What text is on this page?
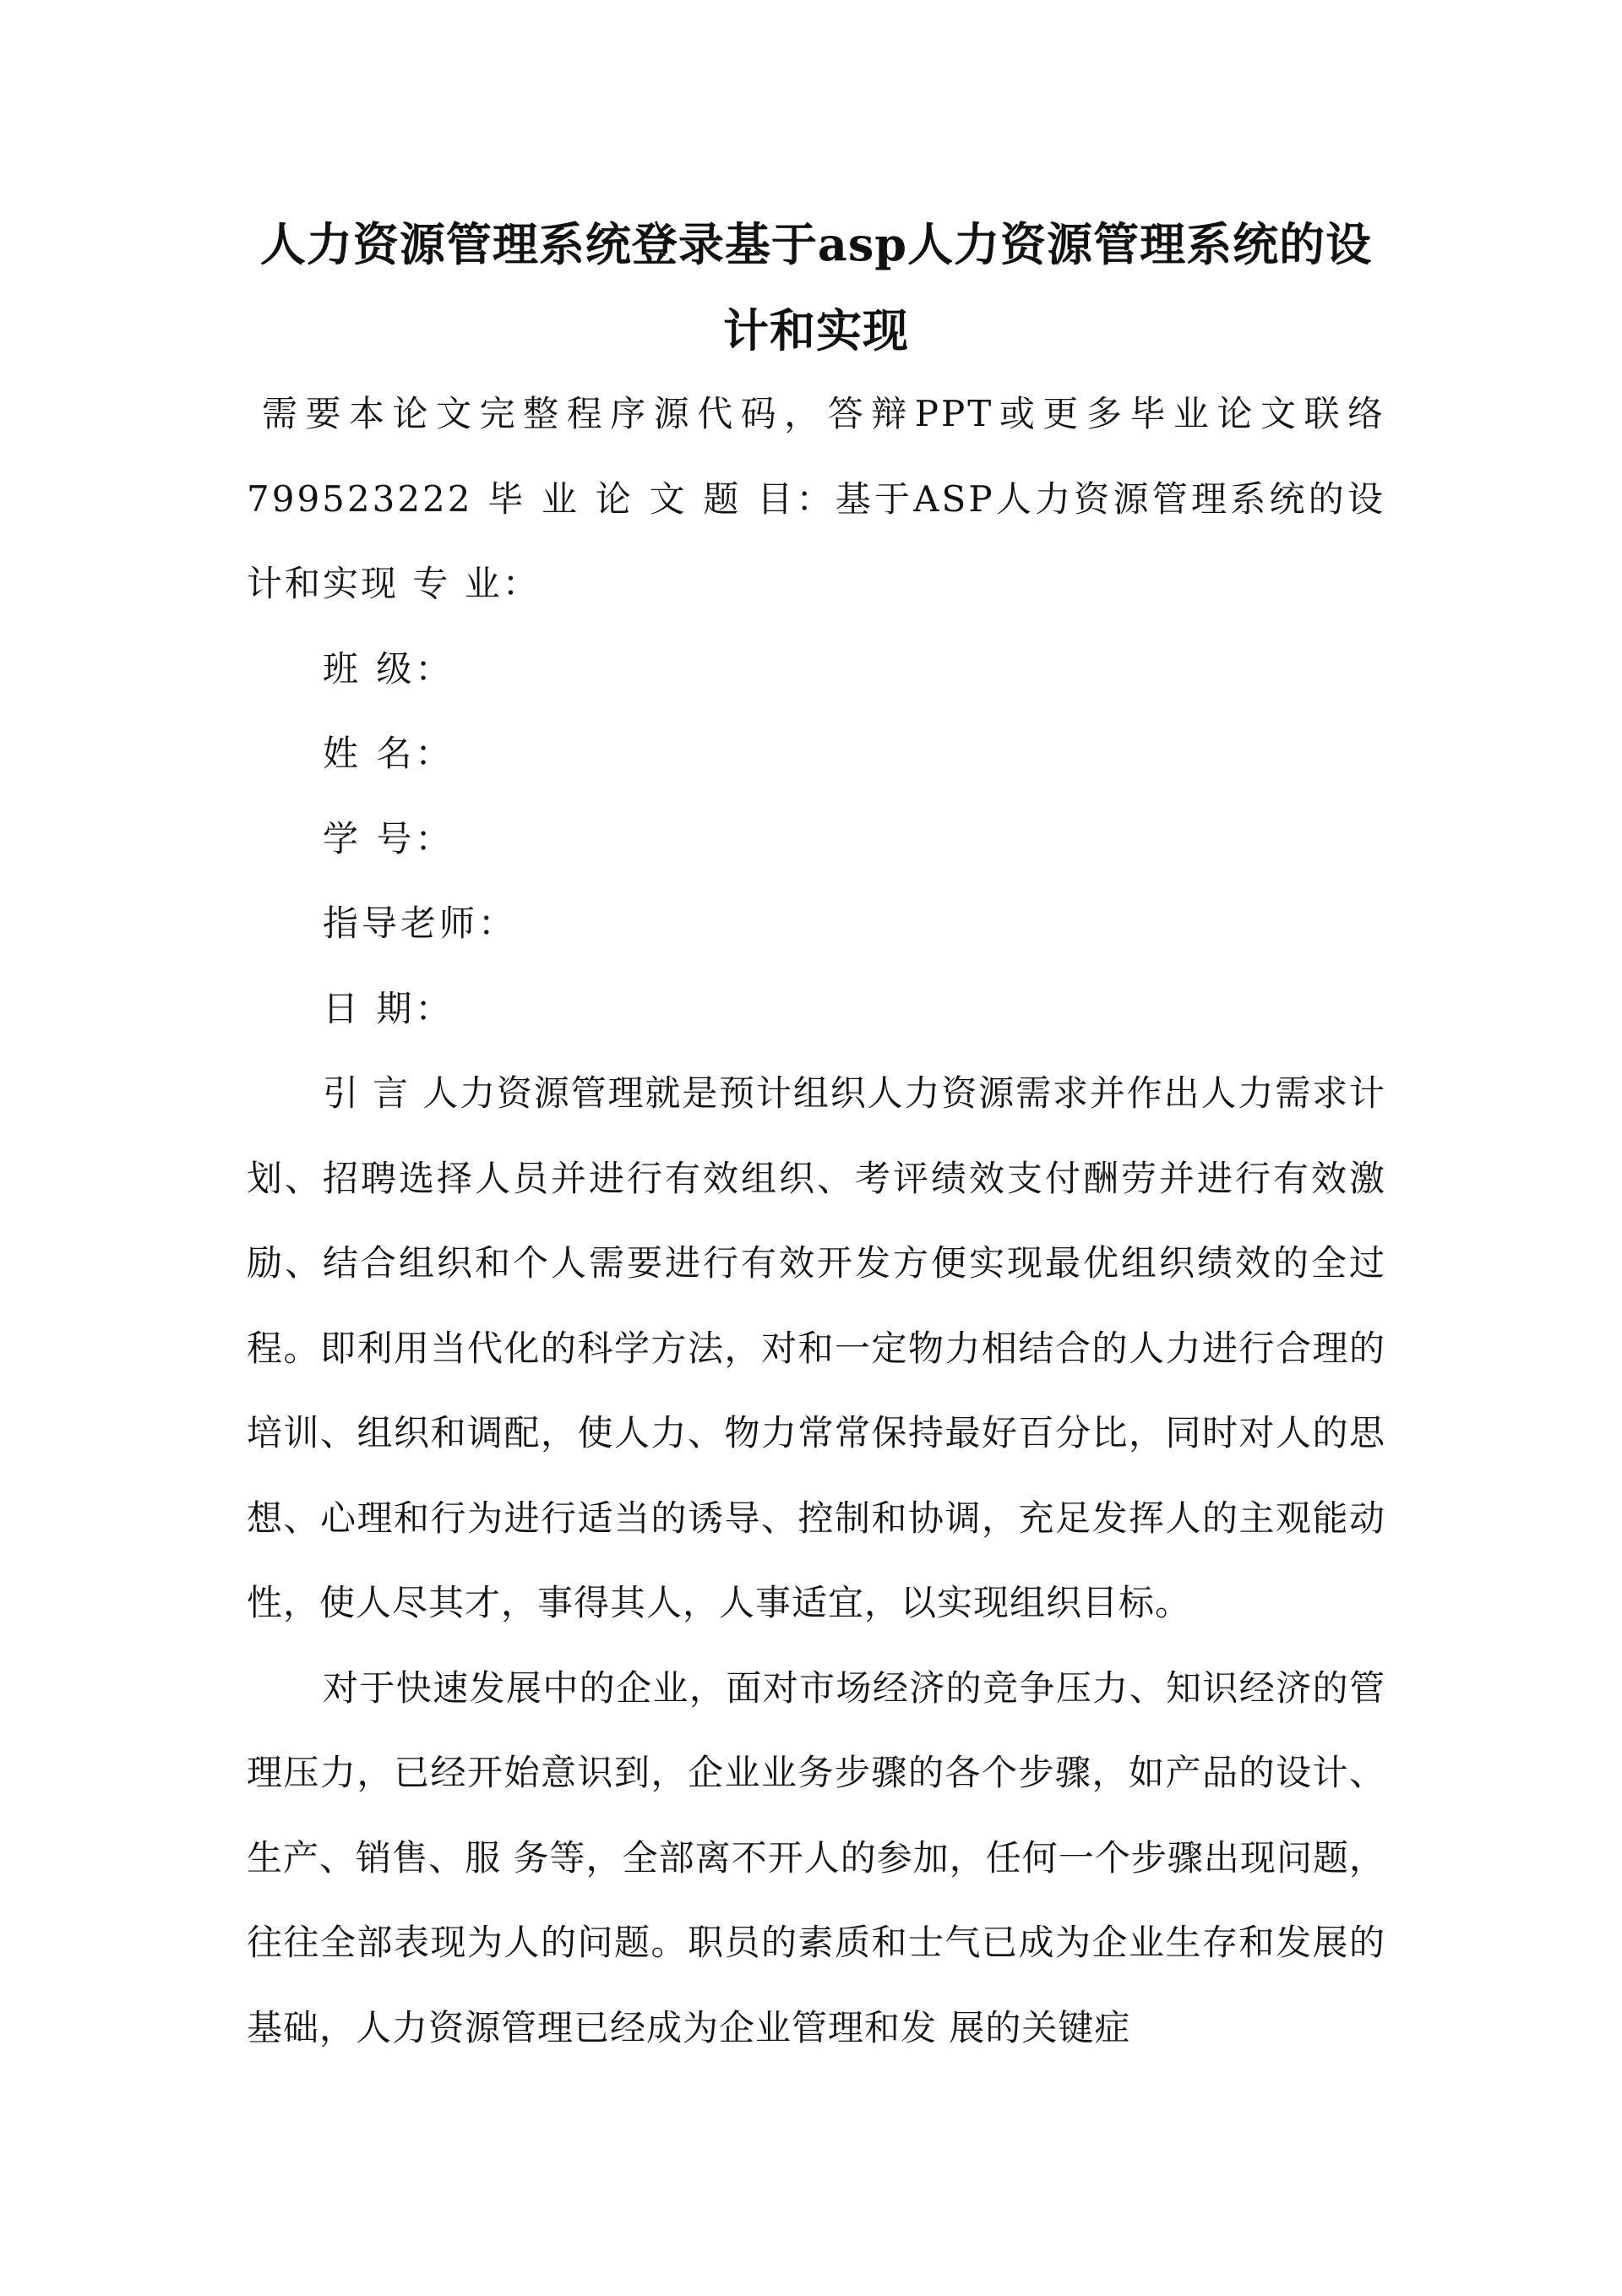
人力资源管理系统登录基于asp人力资源管理系统的设计和实现

需要本论文完整程序源代码，答辩PPT或更多毕业论文联络 799523222 毕 业 论 文 题 目：基于ASP人力资源管理系统的设计和实现 专 业：

班 级：

姓 名：

学 号：

指导老师：

日 期：

引 言 人力资源管理就是预计组织人力资源需求并作出人力需求计划、招聘选择人员并进行有效组织、考评绩效支付酬劳并进行有效激励、结合组织和个人需要进行有效开发方便实现最优组织绩效的全过程。即利用当代化的科学方法，对和一定物力相结合的人力进行合理的培训、组织和调配，使人力、物力常常保持最好百分比，同时对人的思想、心理和行为进行适当的诱导、控制和协调，充足发挥人的主观能动性，使人尽其才，事得其人，人事适宜，以实现组织目标。

对于快速发展中的企业，面对市场经济的竞争压力、知识经济的管理压力，已经开始意识到，企业业务步骤的各个步骤，如产品的设计、生产、销售、服 务等，全部离不开人的参加，任何一个步骤出现问题，往往全部表现为人的问题。职员的素质和士气已成为企业生存和发展的基础，人力资源管理已经成为企业管理和发 展的关键症
